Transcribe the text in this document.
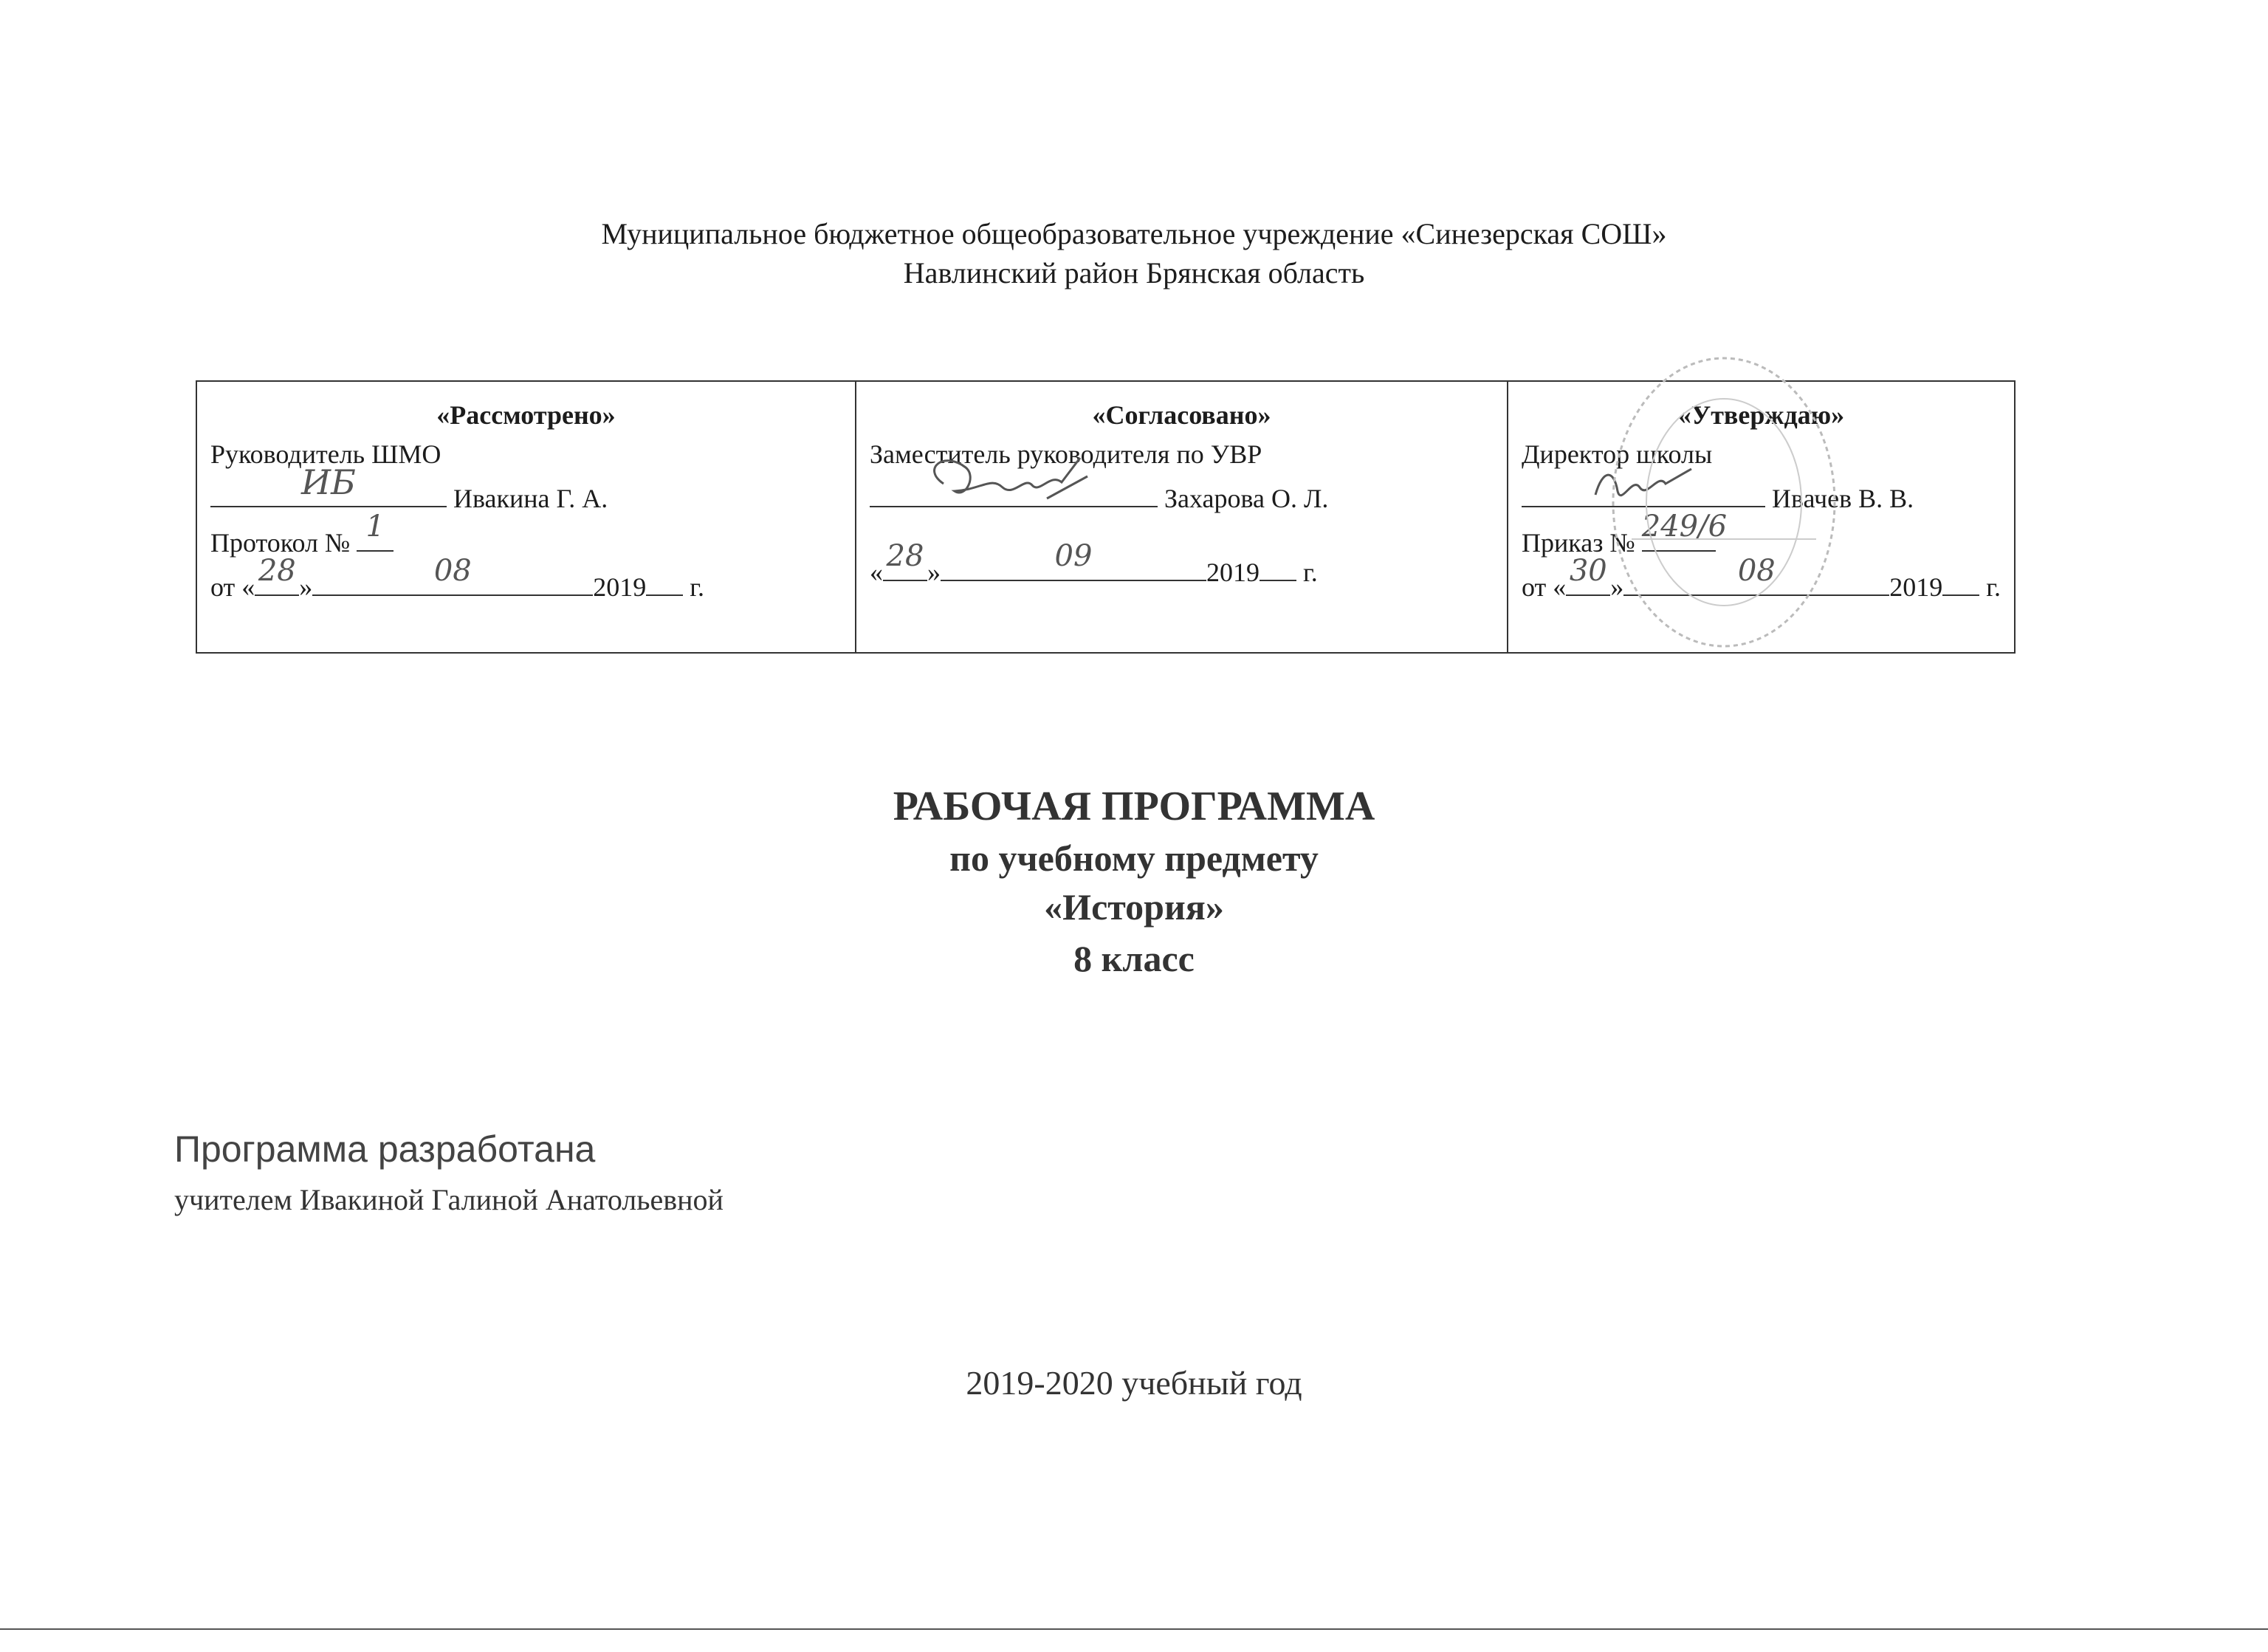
Муниципальное бюджетное общеобразовательное учреждение «Синезерская СОШ»
Навлинский район Брянская область
«Рассмотрено»
Руководитель ШМО
ИБ	Ивакина Г. А.
Протокол № 1
от « 28 »	08	2019 г.
«Согласовано»
Заместитель руководителя по УВР
Захарова О. Л.
« 28 »	09	2019 г.
«Утверждаю»
Директор школы
Ивачев В. В.
Приказ № 249/6
от « 30 »	08	2019 г.
РАБОЧАЯ ПРОГРАММА
по учебному предмету
«История»
8 класс
Программа разработана
учителем Ивакиной Галиной Анатольевной
2019-2020 учебный год
